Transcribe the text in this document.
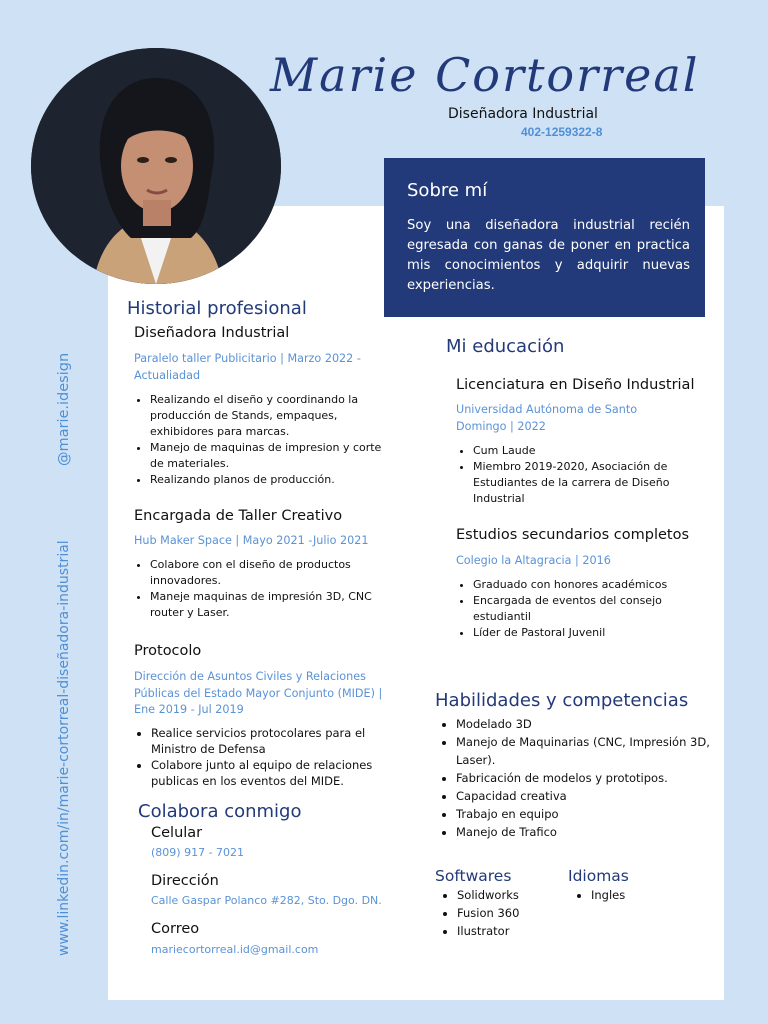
Marie Cortorreal
Diseñadora Industrial
402-1259322-8
Sobre mí

Soy una diseñadora industrial recién egresada con ganas de poner en practica mis conocimientos y adquirir nuevas experiencias.

@marie.idesign
www.linkedin.com/in/marie-cortorreal-diseñadora-industrial
Historial profesional
Diseñadora Industrial
Paralelo taller Publicitario | Marzo 2022 - Actualiadad
• Realizando el diseño y coordinando la producción de Stands, empaques, exhibidores para marcas.
• Manejo de maquinas de impresion y corte de materiales.
• Realizando planos de producción.
Encargada de Taller Creativo
Hub Maker Space | Mayo 2021 -Julio 2021
• Colabore con el diseño de productos innovadores.
• Maneje maquinas de impresión 3D, CNC router y Laser.
Protocolo
Dirección de Asuntos Civiles y Relaciones Públicas del Estado Mayor Conjunto (MIDE) | Ene 2019 - Jul 2019
• Realice servicios protocolares para el Ministro de Defensa
• Colabore junto al equipo de relaciones publicas en los eventos del MIDE.
Colabora conmigo
Celular
(809) 917 - 7021
Dirección
Calle Gaspar Polanco #282, Sto. Dgo. DN.
Correo
mariecortorreal.id@gmail.com
Mi educación
Licenciatura en Diseño Industrial
Universidad Autónoma de Santo Domingo | 2022
• Cum Laude
• Miembro 2019-2020, Asociación de Estudiantes de la carrera de Diseño Industrial
Estudios secundarios completos
Colegio la Altagracia | 2016
• Graduado con honores académicos
• Encargada de eventos del consejo estudiantil
• Líder de Pastoral Juvenil
Habilidades y competencias
• Modelado 3D
• Manejo de Maquinarias (CNC, Impresión 3D, Laser).
• Fabricación de modelos y prototipos.
• Capacidad creativa
• Trabajo en equipo
• Manejo de Trafico
Softwares
• Solidworks
• Fusion 360
• Ilustrator
Idiomas
• Ingles
